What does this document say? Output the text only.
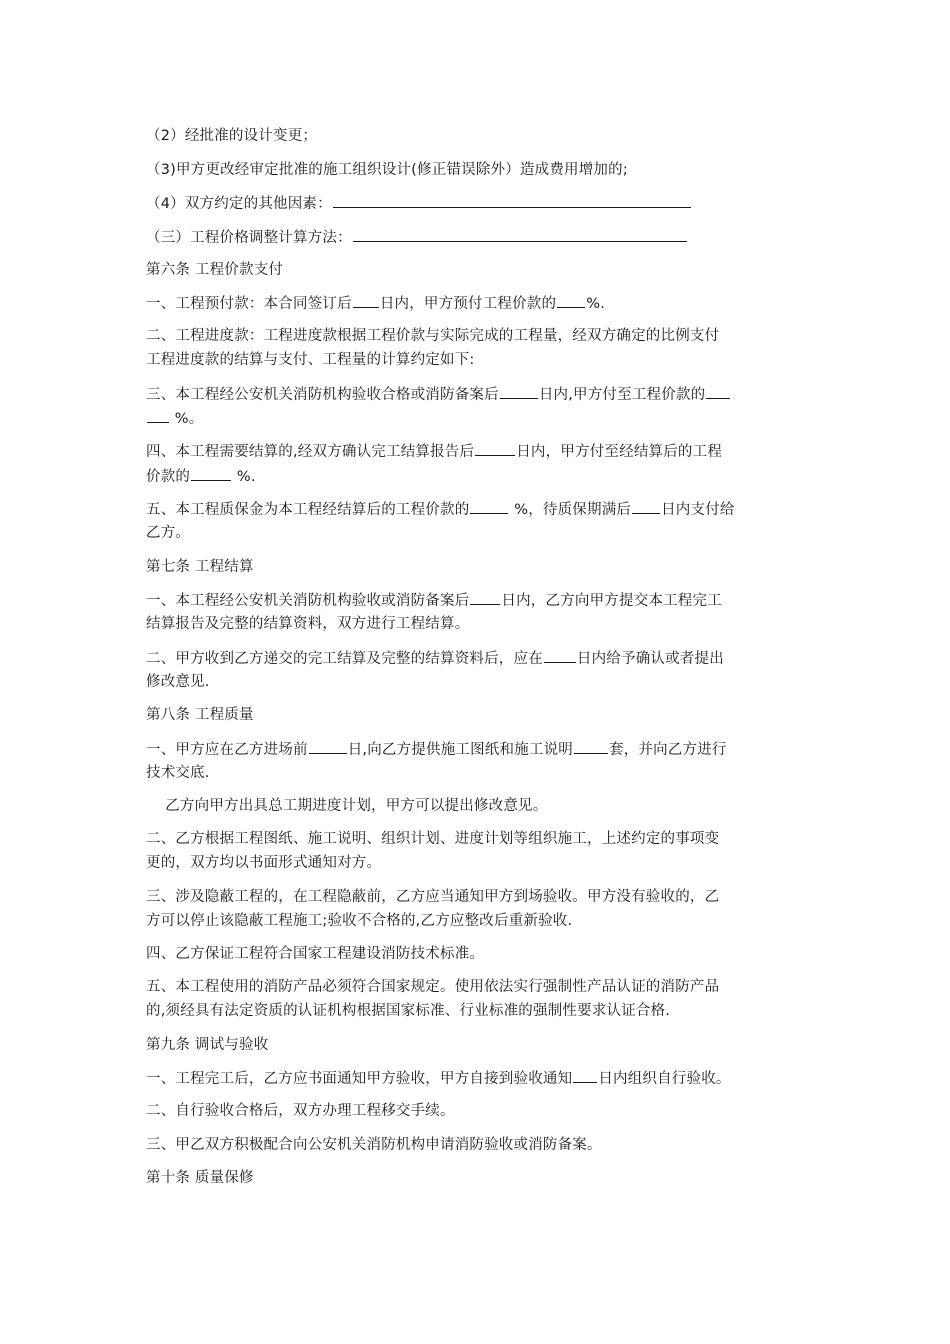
（2）经批准的设计变更；
（3)甲方更改经审定批准的施工组织设计(修正错误除外）造成费用增加的;
（4）双方约定的其他因素：
（三）工程价格调整计算方法：
第六条 工程价款支付
一、工程预付款：本合同签订后 日内，甲方预付工程价款的 %.
二、工程进度款：工程进度款根据工程价款与实际完成的工程量，经双方确定的比例支付
工程进度款的结算与支付、工程量的计算约定如下:
三、本工程经公安机关消防机构验收合格或消防备案后	日内,甲方付至工程价款的
%。
四、本工程需要结算的,经双方确认完工结算报告后	日内，甲方付至经结算后的工程
价款的	%.
五、本工程质保金为本工程经结算后的工程价款的	%，待质保期满后 日内支付给
乙方。
第七条 工程结算
一、本工程经公安机关消防机构验收或消防备案后 日内，乙方向甲方提交本工程完工
结算报告及完整的结算资料，双方进行工程结算。
二、甲方收到乙方递交的完工结算及完整的结算资料后，应在 日内给予确认或者提出
修改意见.
第八条 工程质量
一、甲方应在乙方进场前	日,向乙方提供施工图纸和施工说明 套，并向乙方进行
技术交底.
乙方向甲方出具总工期进度计划，甲方可以提出修改意见。
二、乙方根据工程图纸、施工说明、组织计划、进度计划等组织施工，上述约定的事项变
更的，双方均以书面形式通知对方。
三、涉及隐蔽工程的，在工程隐蔽前，乙方应当通知甲方到场验收。甲方没有验收的，乙
方可以停止该隐蔽工程施工;验收不合格的,乙方应整改后重新验收.
四、乙方保证工程符合国家工程建设消防技术标准。
五、本工程使用的消防产品必须符合国家规定。使用依法实行强制性产品认证的消防产品
的,须经具有法定资质的认证机构根据国家标准、行业标准的强制性要求认证合格.
第九条 调试与验收
一、工程完工后，乙方应书面通知甲方验收，甲方自接到验收通知 日内组织自行验收。
二、自行验收合格后，双方办理工程移交手续。
三、甲乙双方积极配合向公安机关消防机构申请消防验收或消防备案。
第十条 质量保修
